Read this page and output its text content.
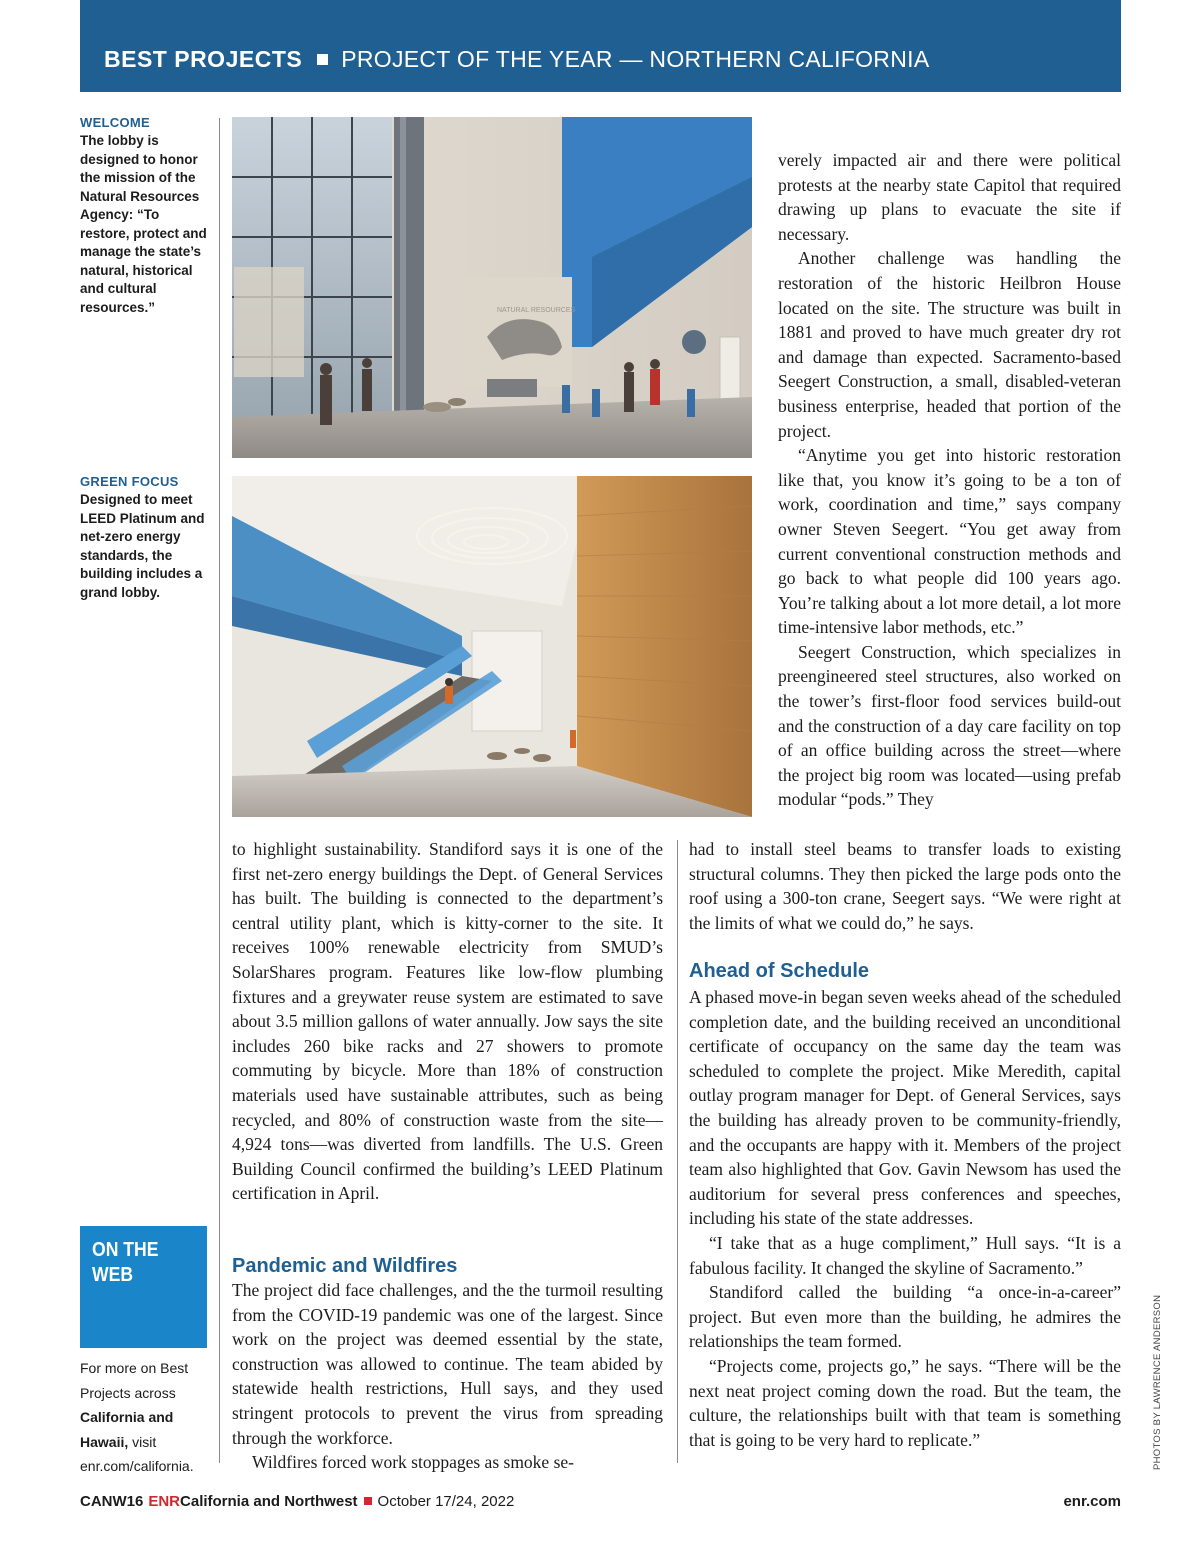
BEST PROJECTS PROJECT OF THE YEAR — NORTHERN CALIFORNIA
WELCOME
The lobby is designed to honor the mission of the Natural Resources Agency: “To restore, protect and manage the state’s natural, historical and cultural resources.”
GREEN FOCUS
Designed to meet LEED Platinum and net-zero energy standards, the building includes a grand lobby.
NATURAL RESOURCES

verely impacted air and there were political protests at the nearby state Capitol that required drawing up plans to evacuate the site if necessary.

Another challenge was handling the restoration of the historic Heilbron House located on the site. The structure was built in 1881 and proved to have much greater dry rot and damage than expected. Sacramento-based Seegert Construction, a small, disabled-veteran business enterprise, headed that portion of the project.

“Anytime you get into historic restoration like that, you know it’s going to be a ton of work, coordination and time,” says company owner Steven Seegert. “You get away from current conventional construction methods and go back to what people did 100 years ago. You’re talking about a lot more detail, a lot more time-intensive labor methods, etc.”

Seegert Construction, which specializes in preengineered steel structures, also worked on the tower’s first-floor food services build-out and the construction of a day care facility on top of an office building across the street—where the project big room was located—using prefab modular “pods.” They

to highlight sustainability. Standiford says it is one of the first net-zero energy buildings the Dept. of General Services has built. The building is connected to the department’s central utility plant, which is kitty-corner to the site. It receives 100% renewable electricity from SMUD’s SolarShares program. Features like low-flow plumbing fixtures and a greywater reuse system are estimated to save about 3.5 million gallons of water annually. Jow says the site includes 260 bike racks and 27 showers to promote commuting by bicycle. More than 18% of construction materials used have sustainable attributes, such as being recycled, and 80% of construction waste from the site—4,924 tons—was diverted from landfills. The U.S. Green Building Council confirmed the building’s LEED Platinum certification in April.

Pandemic and Wildfires

The project did face challenges, and the the turmoil resulting from the COVID-19 pandemic was one of the largest. Since work on the project was deemed essential by the state, construction was allowed to continue. The team abided by statewide health restrictions, Hull says, and they used stringent protocols to prevent the virus from spreading through the workforce.

Wildfires forced work stoppages as smoke se-

had to install steel beams to transfer loads to existing structural columns. They then picked the large pods onto the roof using a 300-ton crane, Seegert says. “We were right at the limits of what we could do,” he says.

Ahead of Schedule

A phased move-in began seven weeks ahead of the scheduled completion date, and the building received an unconditional certificate of occupancy on the same day the team was scheduled to complete the project. Mike Meredith, capital outlay program manager for Dept. of General Services, says the building has already proven to be community-friendly, and the occupants are happy with it. Members of the project team also highlighted that Gov. Gavin Newsom has used the auditorium for several press conferences and speeches, including his state of the state addresses.

“I take that as a huge compliment,” Hull says. “It is a fabulous facility. It changed the skyline of Sacramento.”

Standiford called the building “a once-in-a-career” project. But even more than the building, he admires the relationships the team formed.

“Projects come, projects go,” he says. “There will be the next neat project coming down the road. But the team, the culture, the relationships built with that team is something that is going to be very hard to replicate.”

ON THE
WEB
For more on Best Projects across California and Hawaii, visit enr.com/california.	PHOTOS BY LAWRENCE ANDERSON
CANW16 ENRCalifornia and Northwest October 17/24, 2022	enr.com
